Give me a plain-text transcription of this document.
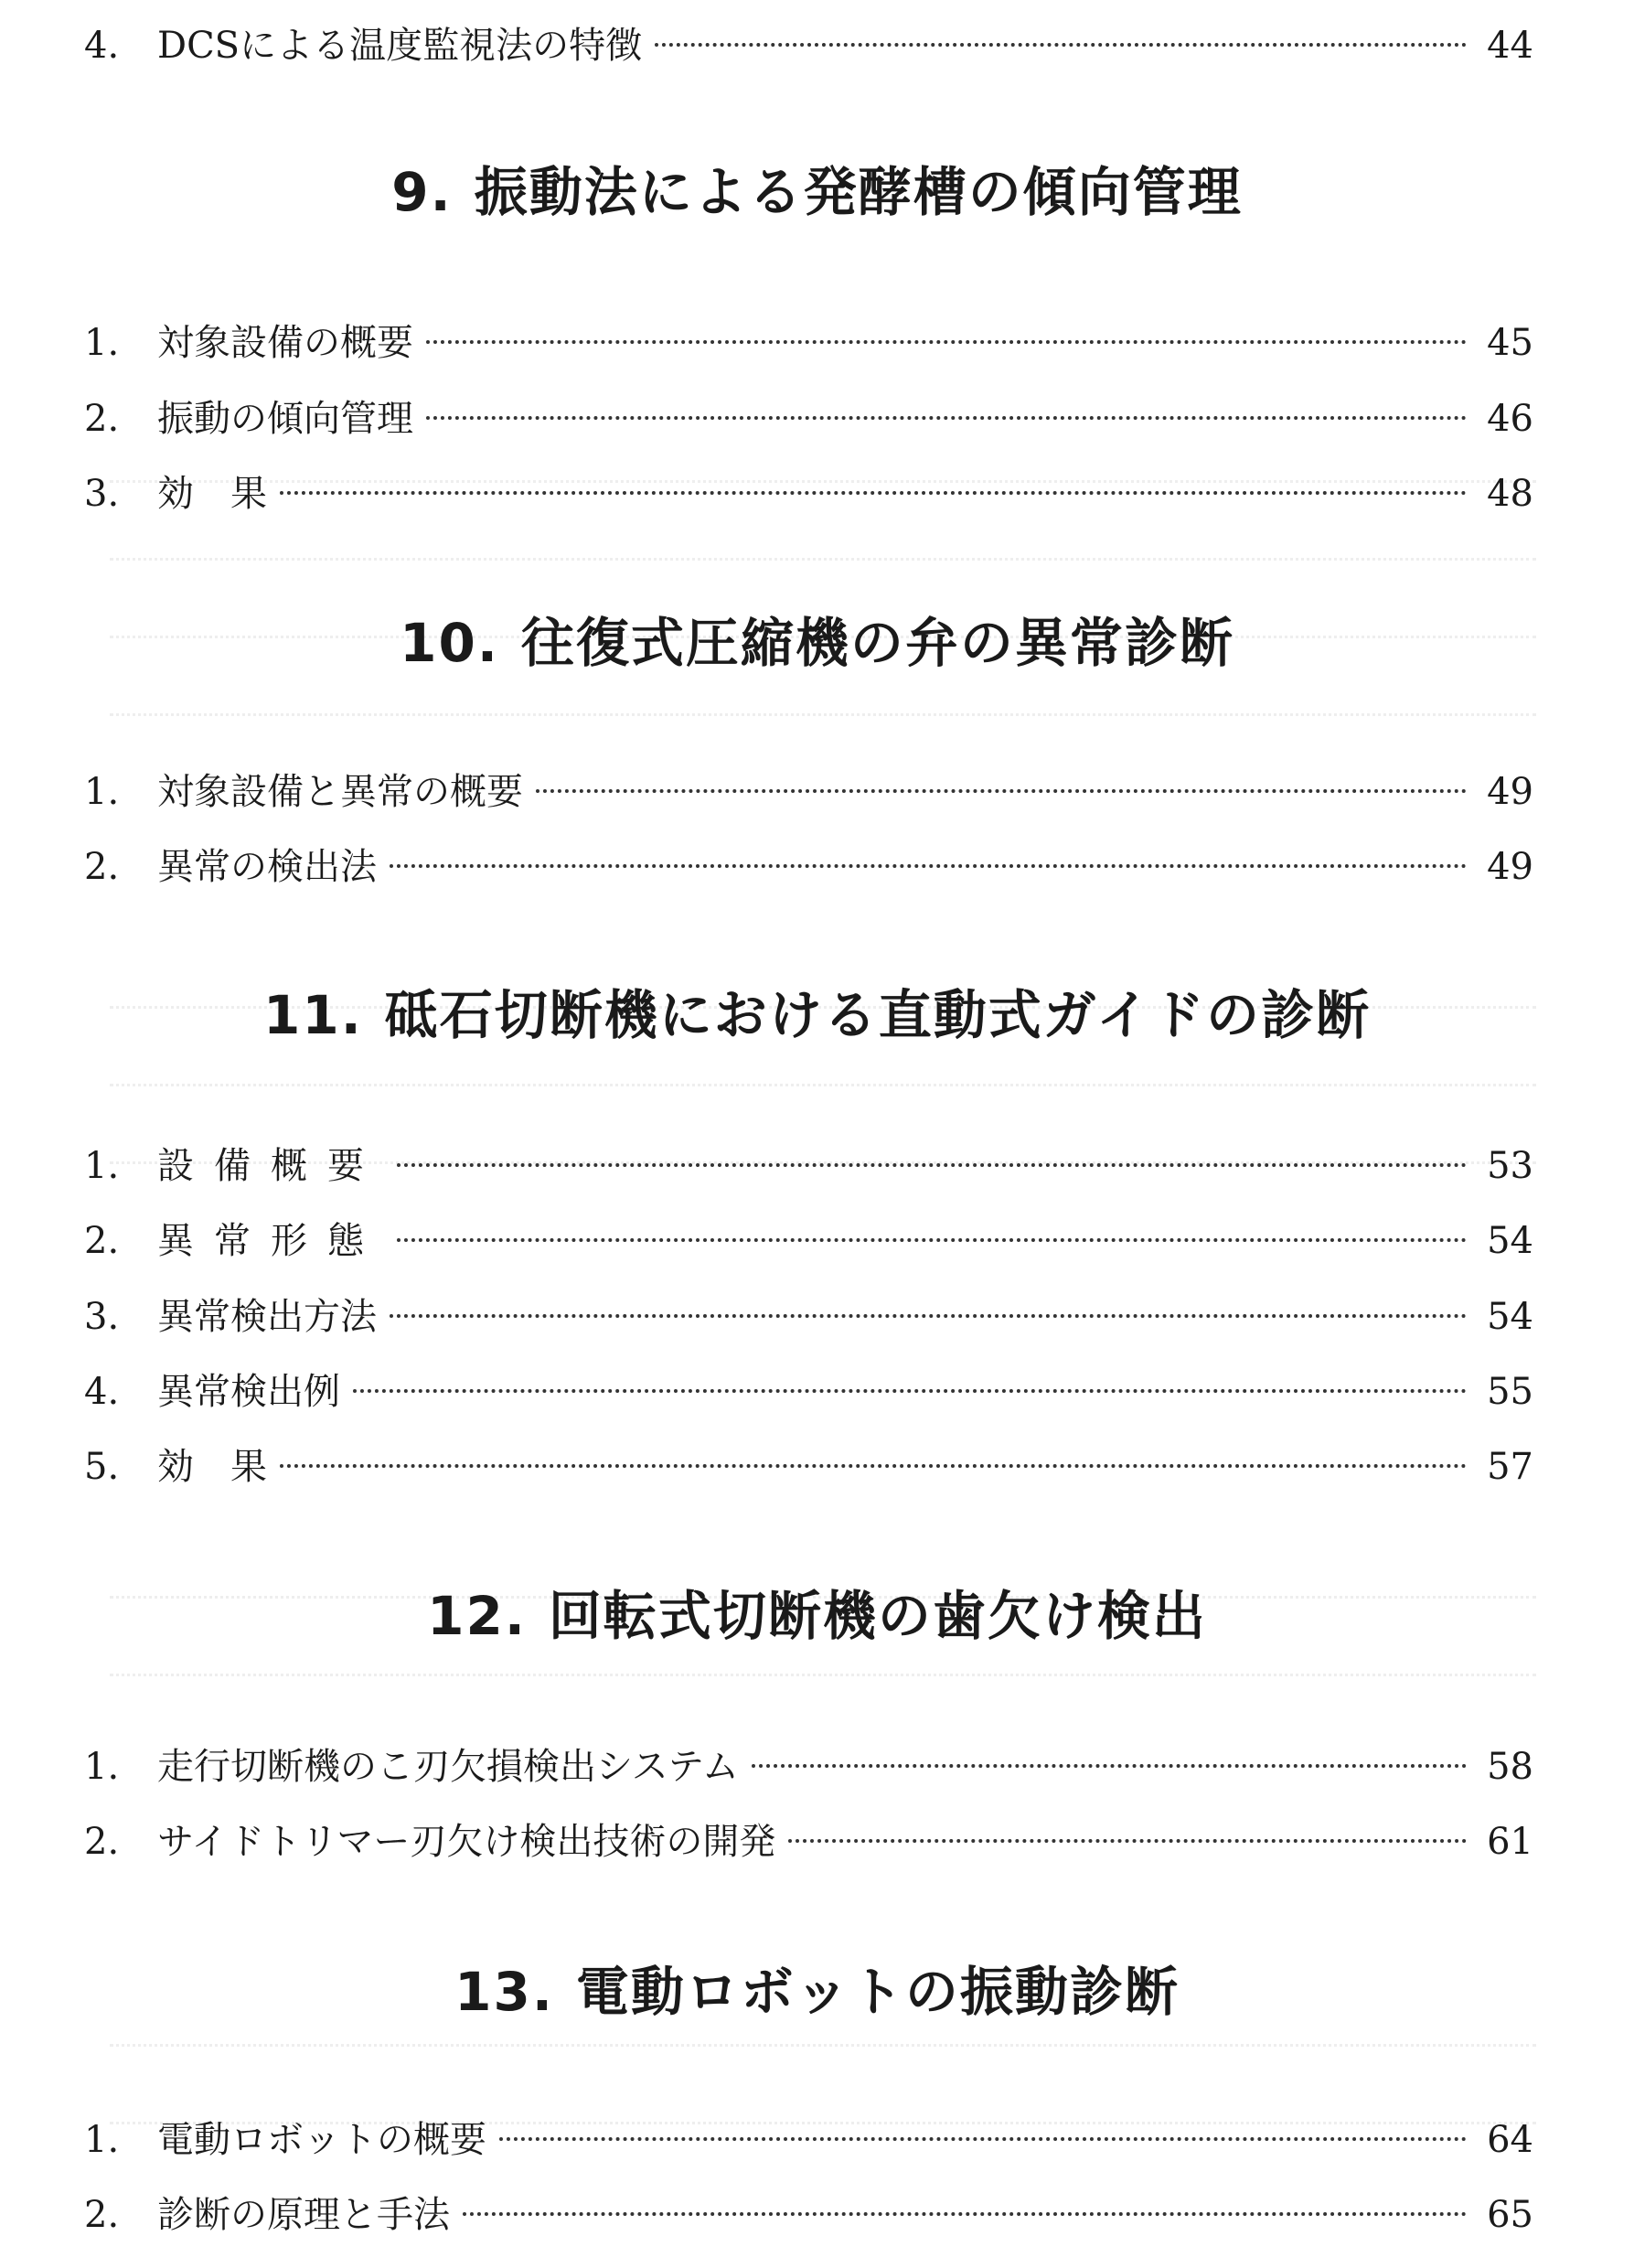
4.	DCSによる温度監視法の特徴	44
9. 振動法による発酵槽の傾向管理
1.	対象設備の概要	45
2.	振動の傾向管理	46
3.	効　果	48
10. 往復式圧縮機の弁の異常診断
1.	対象設備と異常の概要	49
2.	異常の検出法	49
11. 砥石切断機における直動式ガイドの診断
1.	設備概要	53
2.	異常形態	54
3.	異常検出方法	54
4.	異常検出例	55
5.	効　果	57
12. 回転式切断機の歯欠け検出
1.	走行切断機のこ刃欠損検出システム	58
2.	サイドトリマー刃欠け検出技術の開発	61
13. 電動ロボットの振動診断
1.	電動ロボットの概要	64
2.	診断の原理と手法	65
